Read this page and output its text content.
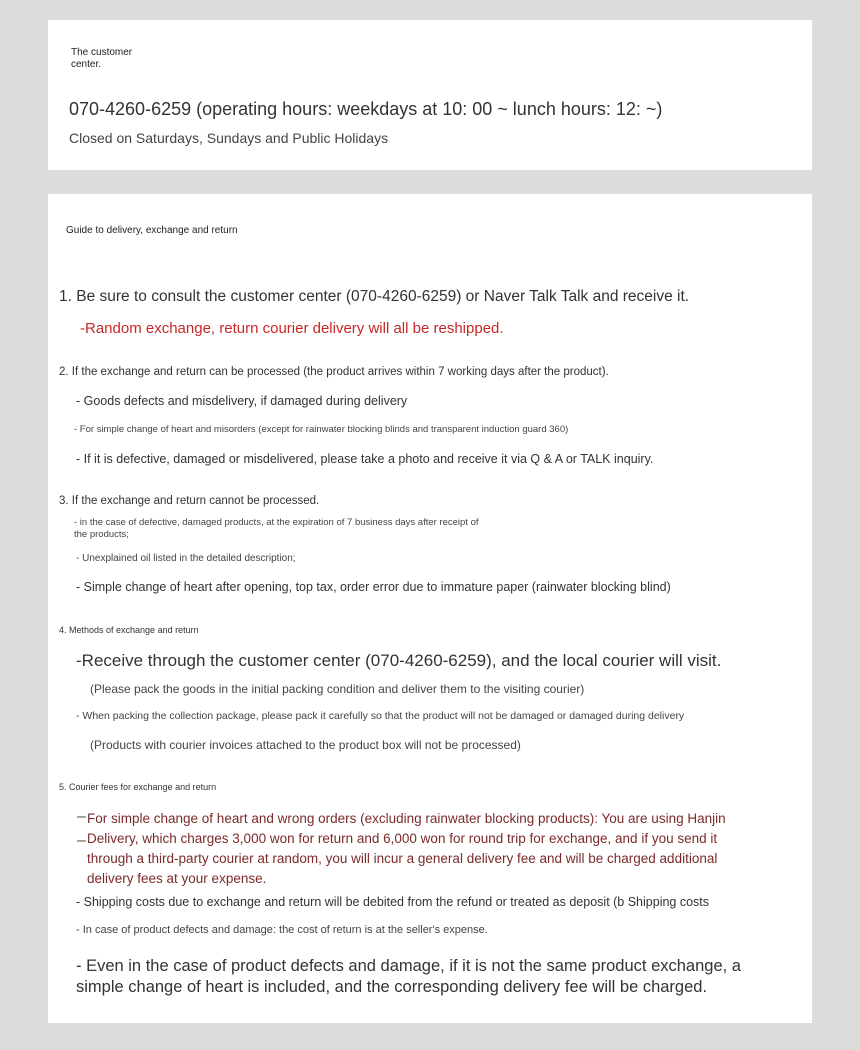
The customer
center.
070-4260-6259 (operating hours: weekdays at 10: 00 ~ lunch hours: 12: ~)
Closed on Saturdays, Sundays and Public Holidays
Guide to delivery, exchange and return
1. Be sure to consult the customer center (070-4260-6259) or Naver Talk Talk and receive it.
-Random exchange, return courier delivery will all be reshipped.
2. If the exchange and return can be processed (the product arrives within 7 working days after the product).
- Goods defects and misdelivery, if damaged during delivery
- For simple change of heart and misorders (except for rainwater blocking blinds and transparent induction guard 360)
- If it is defective, damaged or misdelivered, please take a photo and receive it via Q & A or TALK inquiry.
3. If the exchange and return cannot be processed.
- in the case of defective, damaged products, at the expiration of 7 business days after receipt of
the products;
- Unexplained oil listed in the detailed description;
- Simple change of heart after opening, top tax, order error due to immature paper (rainwater blocking blind)
4. Methods of exchange and return
-Receive through the customer center (070-4260-6259), and the local courier will visit.
(Please pack the goods in the initial packing condition and deliver them to the visiting courier)
- When packing the collection package, please pack it carefully so that the product will not be damaged or damaged during delivery
(Products with courier invoices attached to the product box will not be processed)
5. Courier fees for exchange and return
–
–
For simple change of heart and wrong orders (excluding rainwater blocking products): You are using Hanjin
Delivery, which charges 3,000 won for return and 6,000 won for round trip for exchange, and if you send it
through a third-party courier at random, you will incur a general delivery fee and will be charged additional
delivery fees at your expense.
- Shipping costs due to exchange and return will be debited from the refund or treated as deposit (b Shipping costs
- In case of product defects and damage: the cost of return is at the seller's expense.
- Even in the case of product defects and damage, if it is not the same product exchange, a
simple change of heart is included, and the corresponding delivery fee will be charged.
